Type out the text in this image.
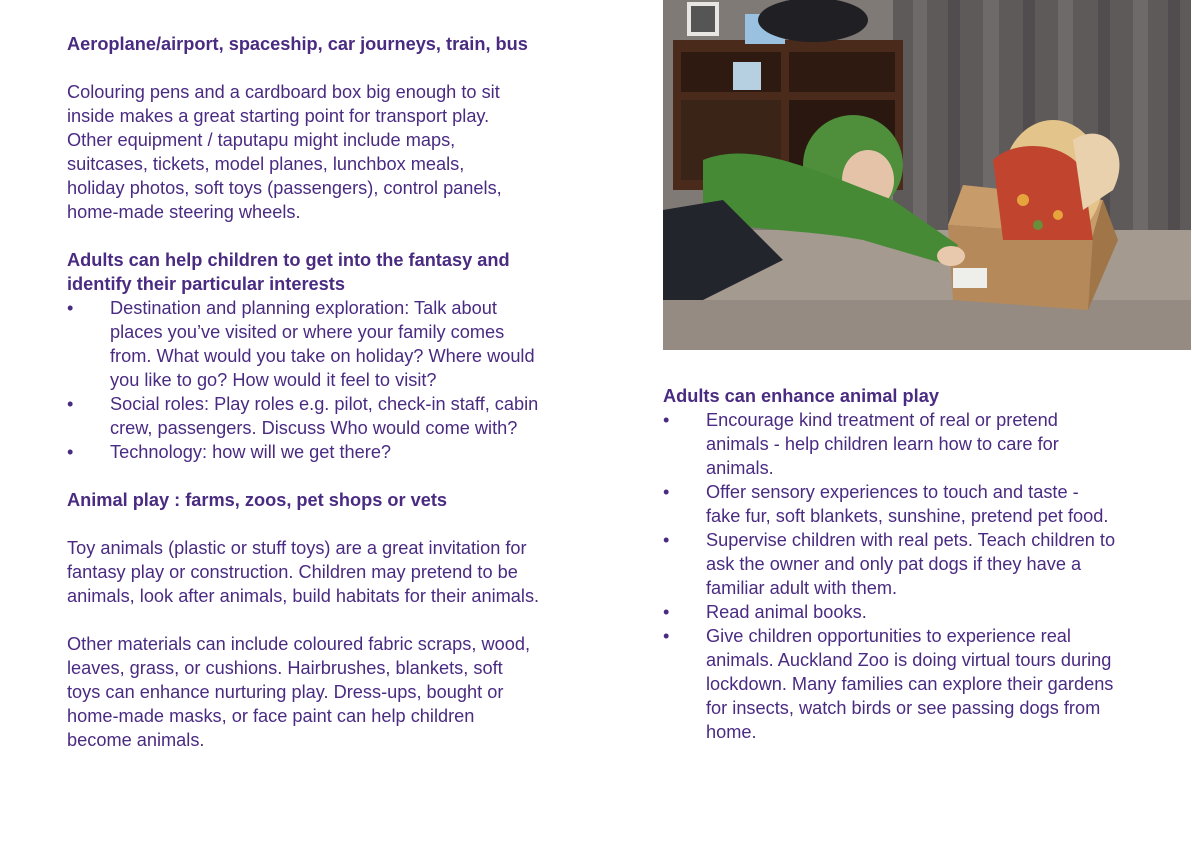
Aeroplane/airport, spaceship, car journeys, train, bus

Colouring pens and a cardboard box big enough to sit

inside makes a great starting point for transport play.

Other equipment / taputapu might include maps,

suitcases, tickets, model planes, lunchbox meals,

holiday photos, soft toys (passengers), control panels,

home-made steering wheels.

Adults can help children to get into the fantasy and

identify their particular interests

• Destination and planning exploration: Talk about

places you’ve visited or where your family comes

from. What would you take on holiday? Where would

you like to go? How would it feel to visit?

• Social roles: Play roles e.g. pilot, check-in staff, cabin

crew, passengers. Discuss Who would come with?

• Technology: how will we get there?

Animal play : farms, zoos, pet shops or vets

Toy animals (plastic or stuff toys) are a great invitation for

fantasy play or construction. Children may pretend to be

animals, look after animals, build habitats for their animals.

Other materials can include coloured fabric scraps, wood,

leaves, grass, or cushions. Hairbrushes, blankets, soft

toys can enhance nurturing play. Dress-ups, bought or

home-made masks, or face paint can help children

become animals.

Adults can enhance animal play

• Encourage kind treatment of real or pretend

animals - help children learn how to care for

animals.

• Offer sensory experiences to touch and taste -

fake fur, soft blankets, sunshine, pretend pet food.

• Supervise children with real pets. Teach children to

ask the owner and only pat dogs if they have a

familiar adult with them.

• Read animal books.

• Give children opportunities to experience real

animals. Auckland Zoo is doing virtual tours during

lockdown. Many families can explore their gardens

for insects, watch birds or see passing dogs from

home.
